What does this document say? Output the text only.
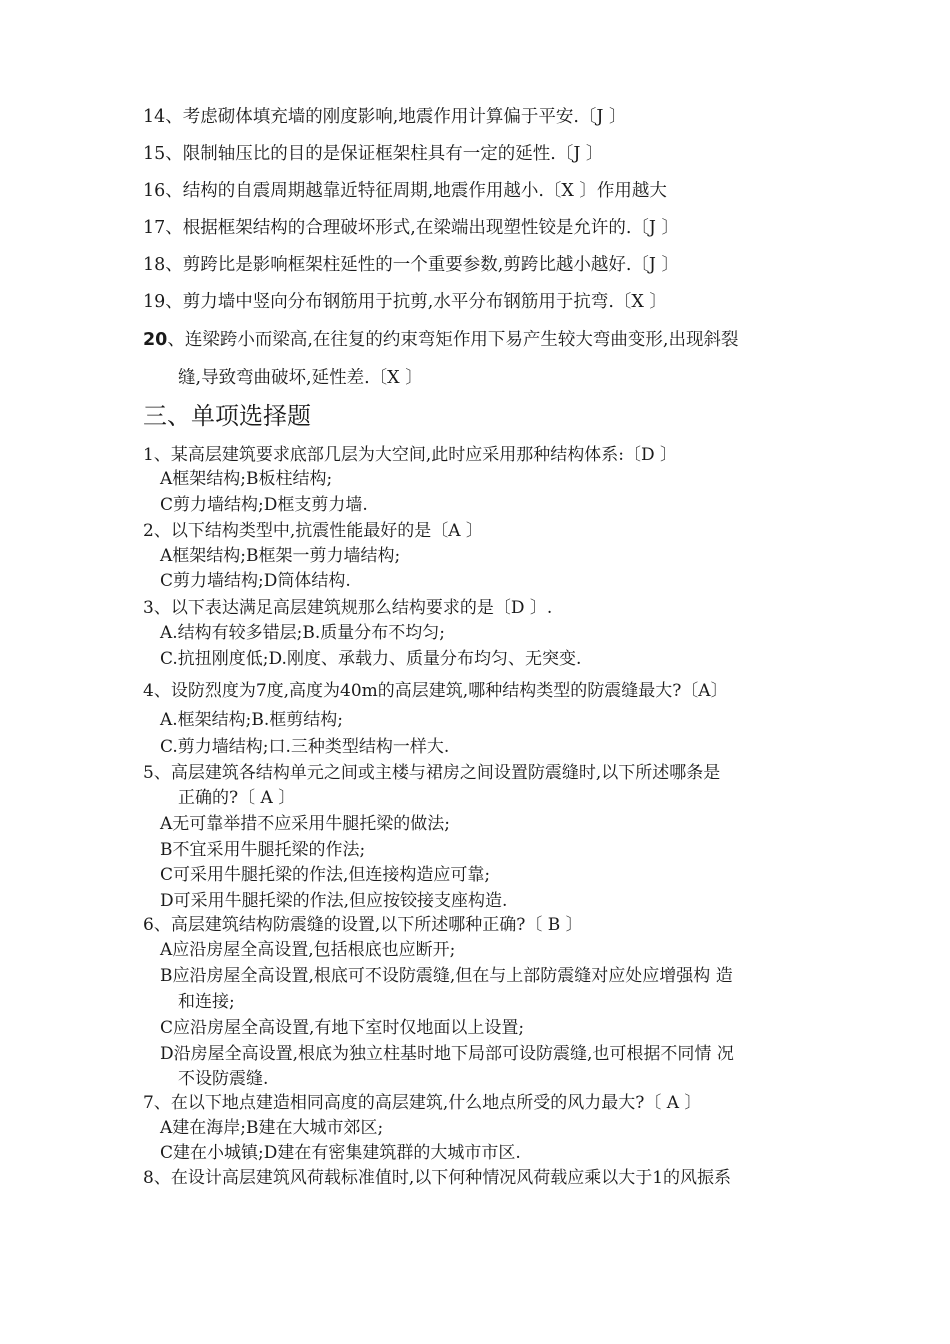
14、考虑砌体填充墙的刚度影响,地震作用计算偏于平安.〔J 〕
15、限制轴压比的目的是保证框架柱具有一定的延性.〔J 〕
16、结构的自震周期越靠近特征周期,地震作用越小.〔X 〕作用越大
17、根据框架结构的合理破坏形式,在梁端出现塑性铰是允许的.〔J 〕
18、剪跨比是影响框架柱延性的一个重要参数,剪跨比越小越好.〔J 〕
19、剪力墙中竖向分布钢筋用于抗剪,水平分布钢筋用于抗弯.〔X 〕
20、连梁跨小而梁高,在往复的约束弯矩作用下易产生较大弯曲变形,出现斜裂
缝,导致弯曲破坏,延性差.〔X 〕
三、单项选择题
1、某高层建筑要求底部几层为大空间,此时应采用那种结构体系:〔D 〕
A框架结构;B板柱结构;
C剪力墙结构;D框支剪力墙.
2、以下结构类型中,抗震性能最好的是〔A 〕
A框架结构;B框架一剪力墙结构;
C剪力墙结构;D筒体结构.
3、以下表达满足高层建筑规那么结构要求的是〔D 〕.
A.结构有较多错层;B.质量分布不均匀;
C.抗扭刚度低;D.刚度、承载力、质量分布均匀、无突变.
4、设防烈度为7度,高度为40m的高层建筑,哪种结构类型的防震缝最大?〔A〕
A.框架结构;B.框剪结构;
C.剪力墙结构;口.三种类型结构一样大.
5、高层建筑各结构单元之间或主楼与裙房之间设置防震缝时,以下所述哪条是
正确的?〔 A 〕
A无可靠举措不应采用牛腿托梁的做法;
B不宜采用牛腿托梁的作法;
C可采用牛腿托梁的作法,但连接构造应可靠;
D可采用牛腿托梁的作法,但应按铰接支座构造.
6、高层建筑结构防震缝的设置,以下所述哪种正确?〔 B 〕
A应沿房屋全高设置,包括根底也应断开;
B应沿房屋全高设置,根底可不设防震缝,但在与上部防震缝对应处应增强构 造
和连接;
C应沿房屋全高设置,有地下室时仅地面以上设置;
D沿房屋全高设置,根底为独立柱基时地下局部可设防震缝,也可根据不同情 况
不设防震缝.
7、在以下地点建造相同高度的高层建筑,什么地点所受的风力最大?〔 A 〕
A建在海岸;B建在大城市郊区;
C建在小城镇;D建在有密集建筑群的大城市市区.
8、在设计高层建筑风荷载标准值时,以下何种情况风荷载应乘以大于1的风振系
